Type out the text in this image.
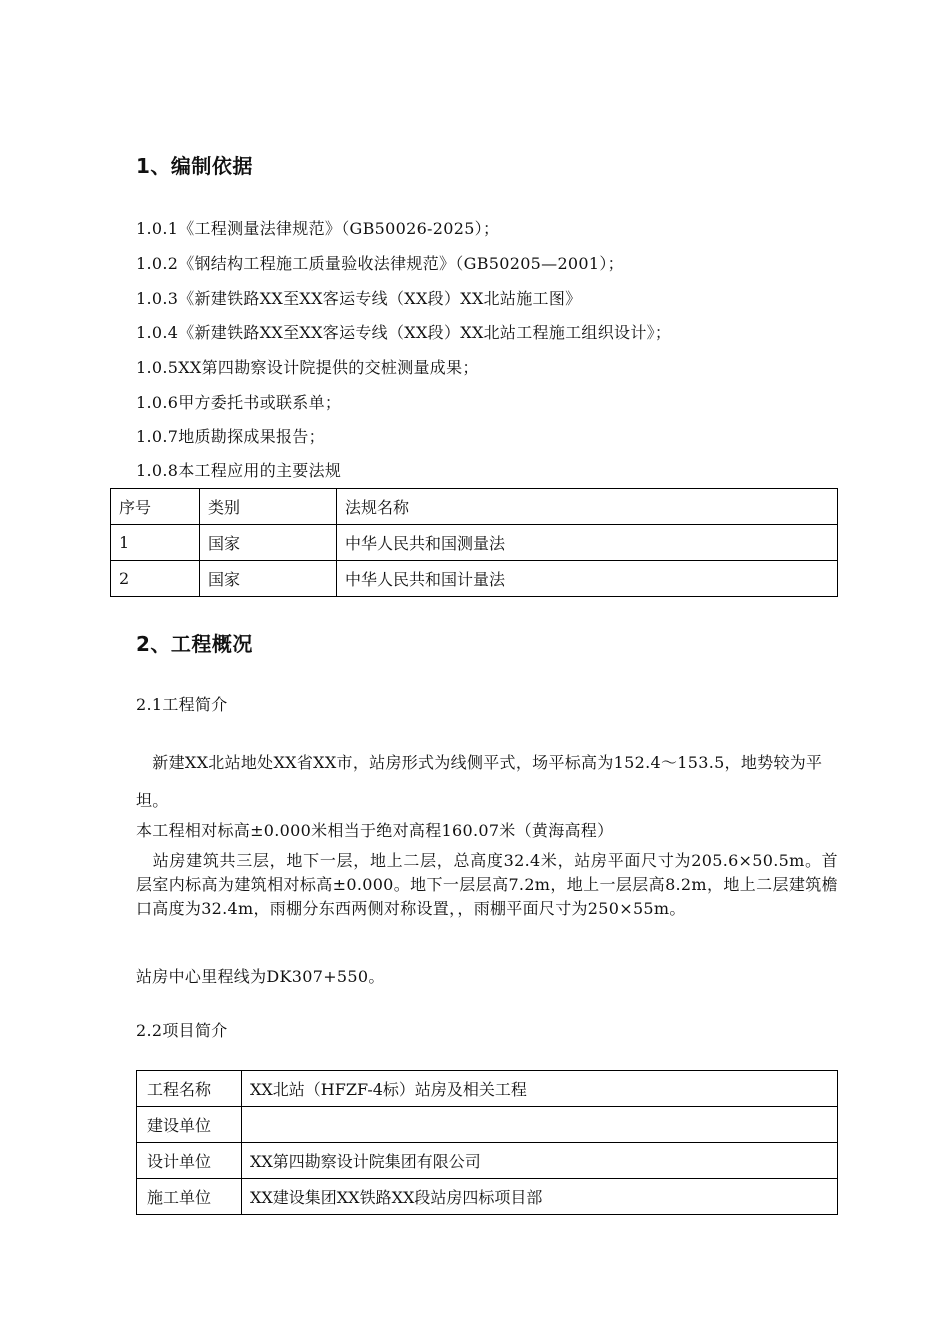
1、编制依据
1.0.1《工程测量法律规范》（GB50026-2025）；
1.0.2《钢结构工程施工质量验收法律规范》（GB50205—2001）；
1.0.3《新建铁路XX至XX客运专线（XX段）XX北站施工图》
1.0.4《新建铁路XX至XX客运专线（XX段）XX北站工程施工组织设计》；
1.0.5XX第四勘察设计院提供的交桩测量成果；
1.0.6甲方委托书或联系单；
1.0.7地质勘探成果报告；
1.0.8本工程应用的主要法规
序号	类别	法规名称
1	国家	中华人民共和国测量法
2	国家	中华人民共和国计量法
2、工程概况
2.1工程简介
　新建XX北站地处XX省XX市，站房形式为线侧平式，场平标高为152.4～153.5，地势较为平坦。
本工程相对标高±0.000米相当于绝对高程160.07米（黄海高程）
　站房建筑共三层，地下一层，地上二层，总高度32.4米，站房平面尺寸为205.6×50.5m。首层室内标高为建筑相对标高±0.000。地下一层层高7.2m，地上一层层高8.2m，地上二层建筑檐口高度为32.4m，雨棚分东西两侧对称设置，，雨棚平面尺寸为250×55m。
站房中心里程线为DK307+550。
2.2项目简介
工程名称	XX北站（HFZF-4标）站房及相关工程
建设单位	
设计单位	XX第四勘察设计院集团有限公司
施工单位	XX建设集团XX铁路XX段站房四标项目部
